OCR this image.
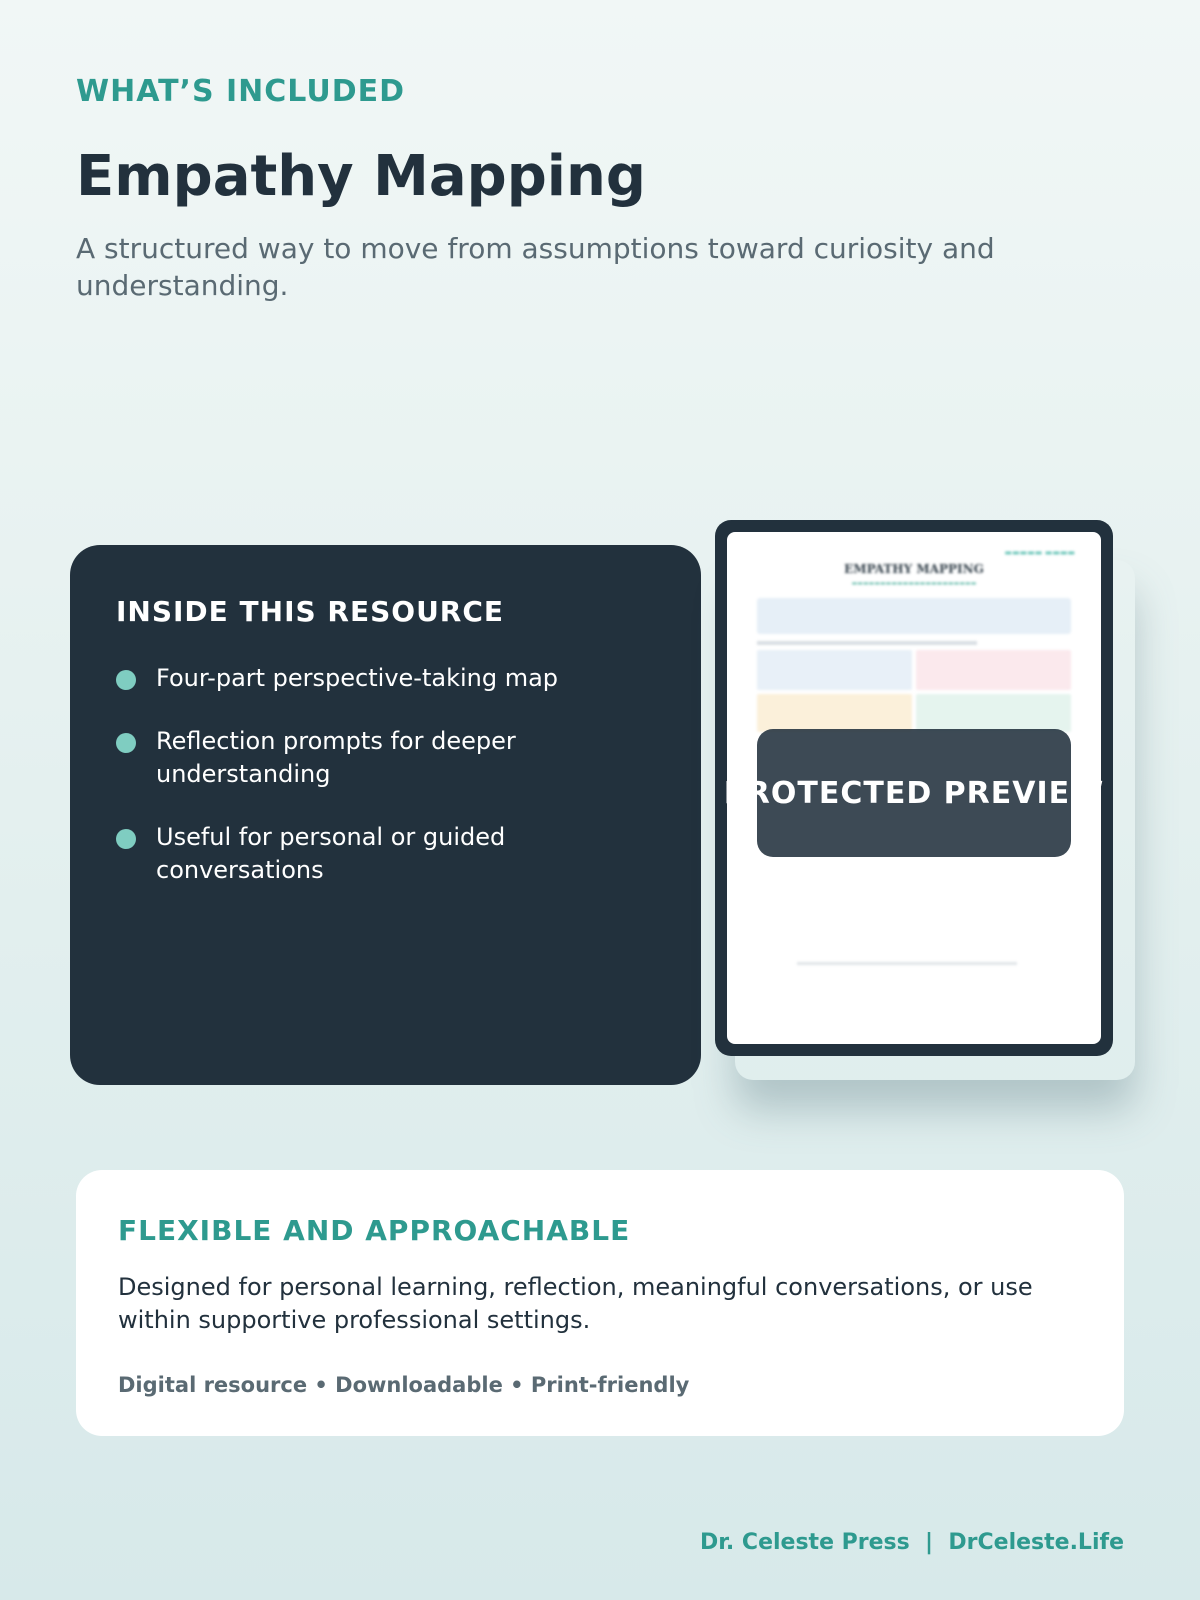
WHAT’S INCLUDED
Empathy Mapping

A structured way to move from assumptions toward curiosity and understanding.

INSIDE THIS RESOURCE
Four-part perspective-taking map
Reflection prompts for deeper understanding
Useful for personal or guided conversations
▬▬▬▬▬ ▬▬▬▬
EMPATHY MAPPING
▬▬▬▬▬▬▬▬▬▬▬▬▬▬▬▬▬▬▬▬▬▬
PROTECTED PREVIEW
FLEXIBLE AND APPROACHABLE

Designed for personal learning, reflection, meaningful conversations, or use within supportive professional settings.

Digital resource • Downloadable • Print-friendly
Dr. Celeste Press  |  DrCeleste.Life
